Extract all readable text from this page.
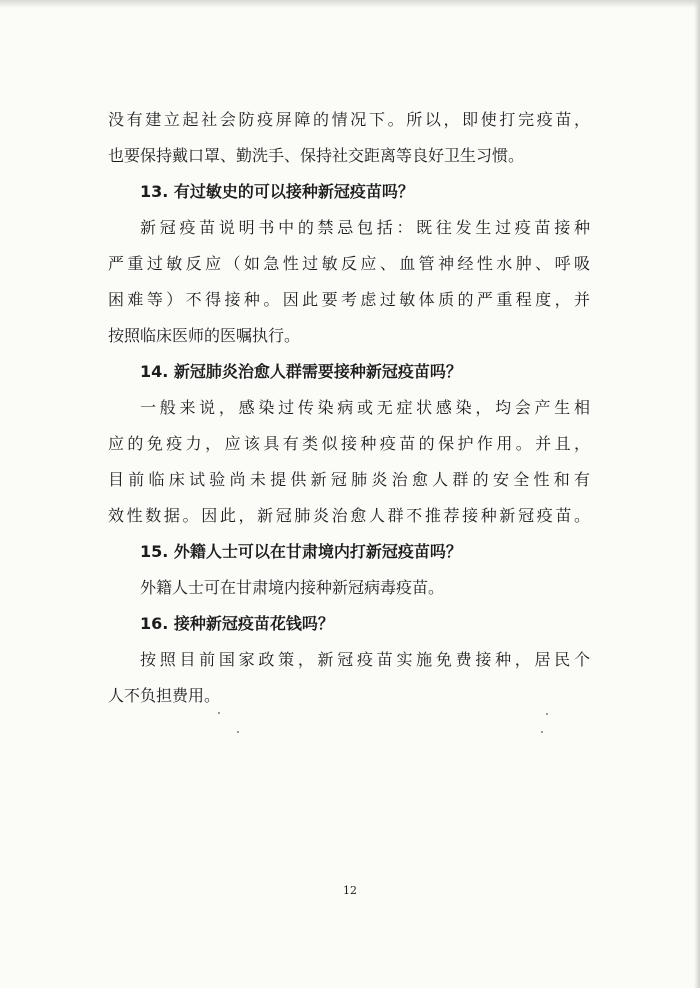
没有建立起社会防疫屏障的情况下。所以，即使打完疫苗，
也要保持戴口罩、勤洗手、保持社交距离等良好卫生习惯。
13. 有过敏史的可以接种新冠疫苗吗？
新冠疫苗说明书中的禁忌包括：既往发生过疫苗接种
严重过敏反应（如急性过敏反应、血管神经性水肿、呼吸
困难等）不得接种。因此要考虑过敏体质的严重程度，并
按照临床医师的医嘱执行。
14. 新冠肺炎治愈人群需要接种新冠疫苗吗？
一般来说，感染过传染病或无症状感染，均会产生相
应的免疫力，应该具有类似接种疫苗的保护作用。并且，
目前临床试验尚未提供新冠肺炎治愈人群的安全性和有
效性数据。因此，新冠肺炎治愈人群不推荐接种新冠疫苗。
15. 外籍人士可以在甘肃境内打新冠疫苗吗？
外籍人士可在甘肃境内接种新冠病毒疫苗。
16. 接种新冠疫苗花钱吗？
按照目前国家政策，新冠疫苗实施免费接种，居民个
人不负担费用。
12
